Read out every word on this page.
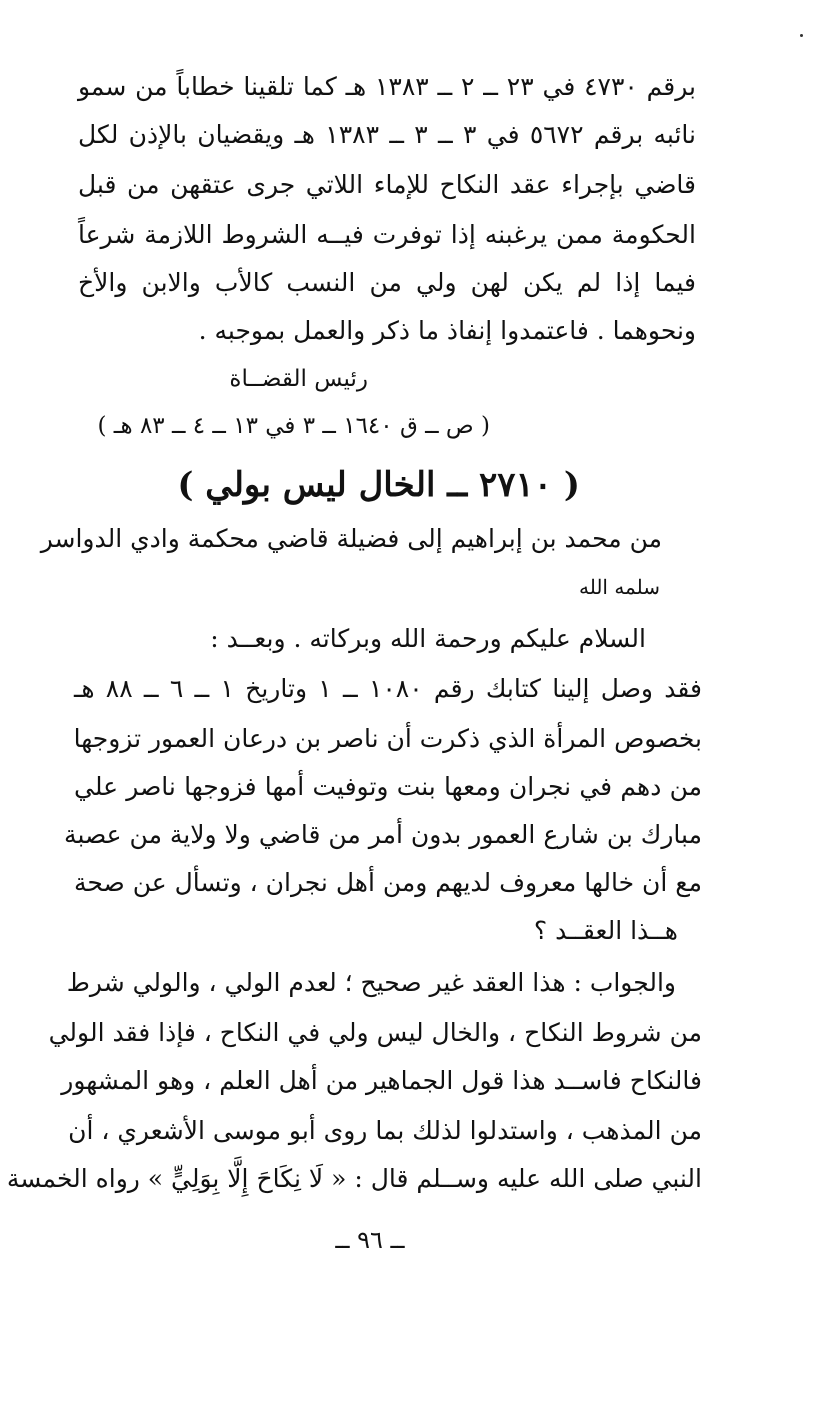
برقم ٤٧٣٠ في ٢٣ ــ ٢ ــ ١٣٨٣ هـ كما تلقينا خطاباً من سمو
نائبه برقم ٥٦٧٢ في ٣ ــ ٣ ــ ١٣٨٣ هـ ويقضيان بالإذن لكل
قاضي بإجراء عقد النكاح للإماء اللاتي جرى عتقهن من قبل
الحكومة ممن يرغبنه إذا توفرت فيــه الشروط اللازمة شرعاً
فيما إذا لم يكن لهن ولي من النسب كالأب والابن والأخ
ونحوهما . فاعتمدوا إنفاذ ما ذكر والعمل بموجبه .
رئيس القضــاة
( ص ــ ق ١٦٤٠ ــ ٣ في ١٣ ــ ٤ ــ ٨٣ هـ )
( ٢٧١٠ ــ الخال ليس بولي )
من محمد بن إبراهيم إلى فضيلة قاضي محكمة وادي الدواسر
سلمه الله
السلام عليكم ورحمة الله وبركاته . وبعــد :
فقد وصل إلينا كتابك رقم ١٠٨٠ ــ ١ وتاريخ ١ ــ ٦ ــ ٨٨ هـ
بخصوص المرأة الذي ذكرت أن ناصر بن درعان العمور تزوجها
من دهم في نجران ومعها بنت وتوفيت أمها فزوجها ناصر علي
مبارك بن شارع العمور بدون أمر من قاضي ولا ولاية من عصبة
مع أن خالها معروف لديهم ومن أهل نجران ، وتسأل عن صحة
هــذا العقــد ؟
والجواب : هذا العقد غير صحيح ؛ لعدم الولي ، والولي شرط
من شروط النكاح ، والخال ليس ولي في النكاح ، فإذا فقد الولي
فالنكاح فاســد هذا قول الجماهير من أهل العلم ، وهو المشهور
من المذهب ، واستدلوا لذلك بما روى أبو موسى الأشعري ، أن
النبي صلى الله عليه وســلم قال : « لَا نِكَاحَ إِلَّا بِوَلِيٍّ » رواه الخمسة
ــ ٩٦ ــ
